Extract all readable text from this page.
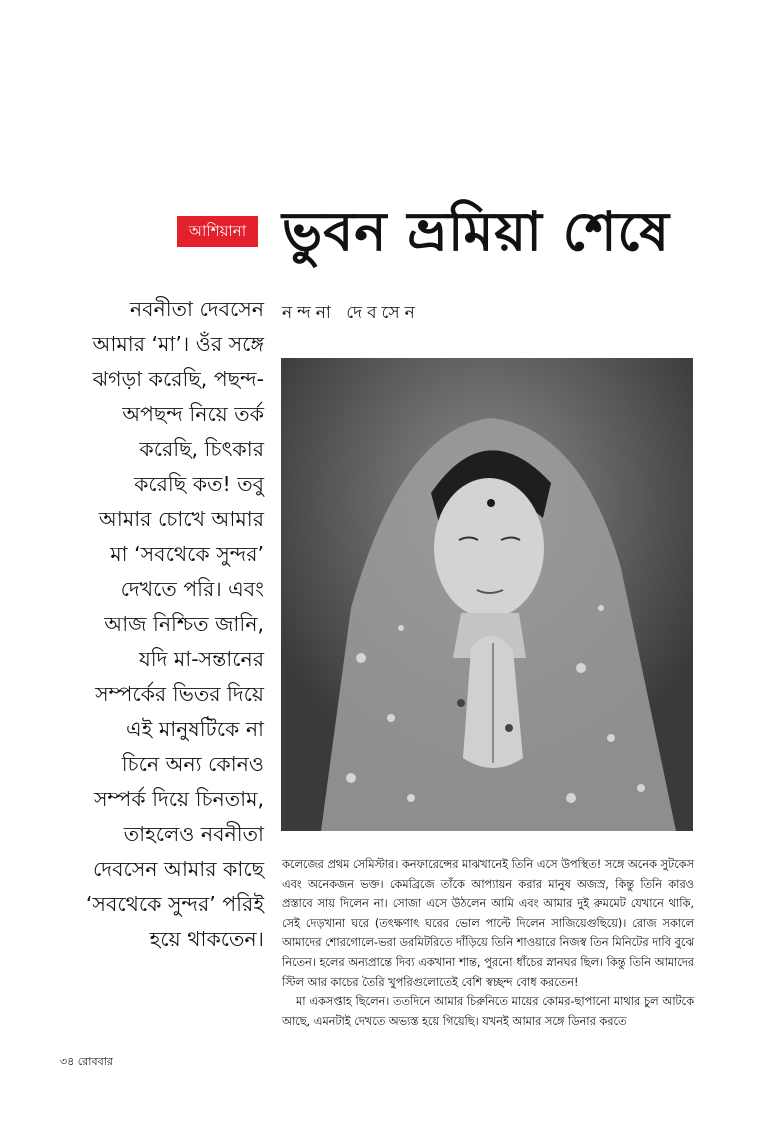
আশিয়ানা ভুবন ভ্রমিয়া শেষে
নন্দনা দেবসেন

নবনীতা দেবসেন আমার ‘মা’। ওঁর সঙ্গে ঝগড়া করেছি, পছন্দ-অপছন্দ নিয়ে তর্ক করেছি, চিৎকার করেছি কত! তবু আমার চোখে আমার মা ‘সবথেকে সুন্দর’ দেখতে পরি। এবং আজ নিশ্চিত জানি, যদি মা-সন্তানের সম্পর্কের ভিতর দিয়ে এই মানুষটিকে না চিনে অন্য কোনও সম্পর্ক দিয়ে চিনতাম, তাহলেও নবনীতা দেবসেন আমার কাছে ‘সবথেকে সুন্দর’ পরিই হয়ে থাকতেন।

কলেজের প্রথম সেমিস্টার। কনফারেন্সের মাঝখানেই তিনি এসে উপস্থিত! সঙ্গে অনেক সুটকেস এবং অনেকজন ভক্ত। কেমব্রিজে তাঁকে আপ্যায়ন করার মানুষ অজস্র, কিন্তু তিনি কারও প্রস্তাবে সায় দিলেন না। সোজা এসে উঠলেন আমি এবং আমার দুই রুমমেট যেখানে থাকি, সেই দেড়খানা ঘরে (তৎক্ষণাৎ ঘরের ভোল পাল্টে দিলেন সাজিয়েগুছিয়ে)। রোজ সকালে আমাদের শোরগোলে-ভরা ডরমিটরিতে দাঁড়িয়ে তিনি শাওয়ারে নিজস্ব তিন মিনিটের দাবি বুঝে নিতেন। হলের অন্যপ্রান্তে দিব্য একখানা শান্ত, পুরনো ধাঁচের স্নানঘর ছিল। কিন্তু তিনি আমাদের স্টিল আর কাচের তৈরি খুপরিগুলোতেই বেশি স্বচ্ছন্দ বোধ করতেন!

মা একসপ্তাহ ছিলেন। ততদিনে আমার চিরুনিতে মায়ের কোমর-ছাপানো মাথার চুল আটকে আছে, এমনটাই দেখতে অভ্যস্ত হয়ে গিয়েছি। যখনই আমার সঙ্গে ডিনার করতে

৩৪ রোববার
